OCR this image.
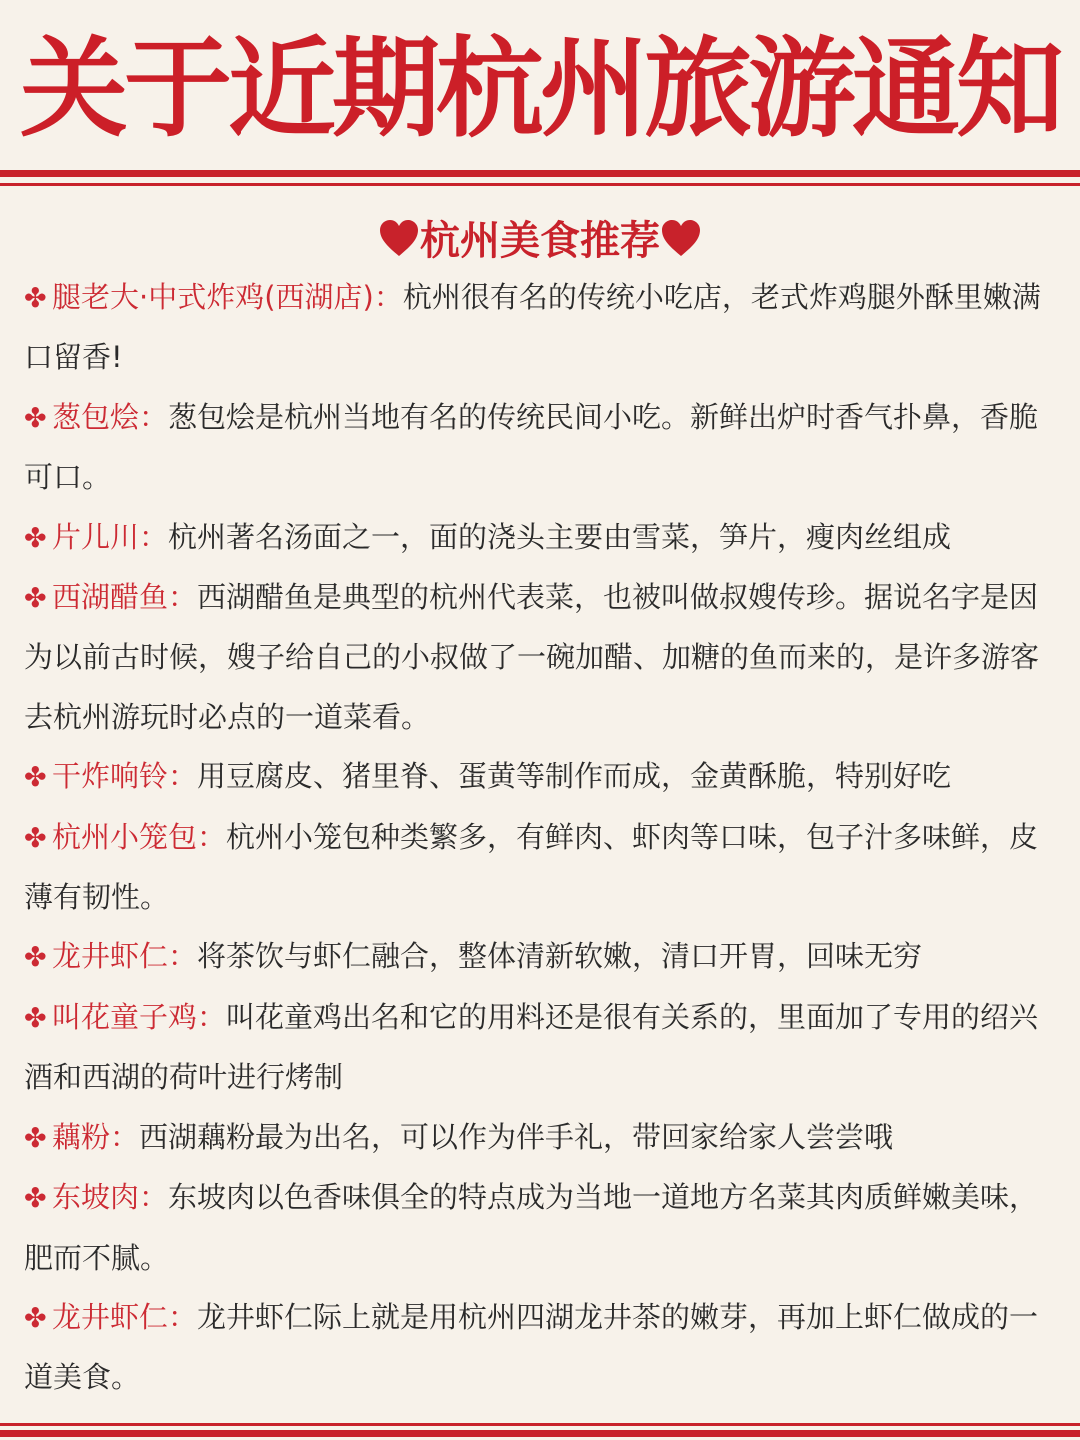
关于近期杭州旅游通知
杭州美食推荐

✤ 腿老大·中式炸鸡(西湖店)：杭州很有名的传统小吃店，老式炸鸡腿外酥里嫩满口留香!

✤ 葱包烩：葱包烩是杭州当地有名的传统民间小吃。新鲜出炉时香气扑鼻，香脆可口。

✤ 片儿川：杭州著名汤面之一，面的浇头主要由雪菜，笋片，瘦肉丝组成

✤ 西湖醋鱼：西湖醋鱼是典型的杭州代表菜，也被叫做叔嫂传珍。据说名字是因为以前古时候，嫂子给自己的小叔做了一碗加醋、加糖的鱼而来的，是许多游客去杭州游玩时必点的一道菜看。

✤ 干炸响铃：用豆腐皮、猪里脊、蛋黄等制作而成，金黄酥脆，特别好吃

✤ 杭州小笼包：杭州小笼包种类繁多，有鲜肉、虾肉等口味，包子汁多味鲜，皮薄有韧性。

✤ 龙井虾仁：将茶饮与虾仁融合，整体清新软嫩，清口开胃，回味无穷

✤ 叫花童子鸡：叫花童鸡出名和它的用料还是很有关系的，里面加了专用的绍兴酒和西湖的荷叶进行烤制

✤ 藕粉：西湖藕粉最为出名，可以作为伴手礼，带回家给家人尝尝哦

✤ 东坡肉：东坡肉以色香味俱全的特点成为当地一道地方名菜其肉质鲜嫩美味，肥而不腻。

✤ 龙井虾仁：龙井虾仁际上就是用杭州四湖龙井茶的嫩芽，再加上虾仁做成的一道美食。
